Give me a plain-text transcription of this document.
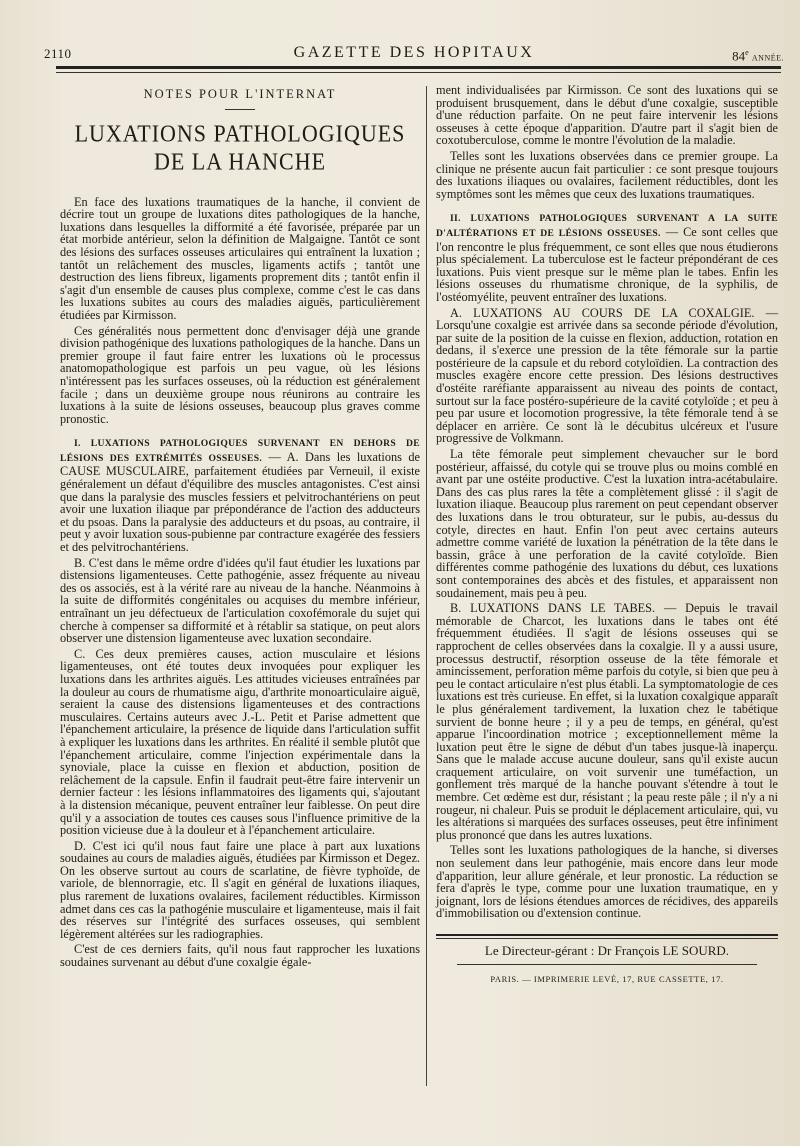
2110	GAZETTE DES HOPITAUX	84e ANNÉE.
NOTES POUR L'INTERNAT
LUXATIONS PATHOLOGIQUES
DE LA HANCHE

En face des luxations traumatiques de la hanche, il convient de décrire tout un groupe de luxations dites pathologiques de la hanche, luxations dans lesquelles la difformité a été favorisée, préparée par un état morbide antérieur, selon la définition de Malgaigne. Tantôt ce sont des lésions des surfaces osseuses articulaires qui entraînent la luxation ; tantôt un relâchement des muscles, ligaments actifs ; tantôt une destruction des liens fibreux, ligaments proprement dits ; tantôt enfin il s'agit d'un ensemble de causes plus complexe, comme c'est le cas dans les luxations subites au cours des maladies aiguës, particulièrement étudiées par Kirmisson.

Ces généralités nous permettent donc d'envisager déjà une grande division pathogénique des luxations pathologiques de la hanche. Dans un premier groupe il faut faire entrer les luxations où le processus anatomopathologique est parfois un peu vague, où les lésions n'intéressent pas les surfaces osseuses, où la réduction est généralement facile ; dans un deuxième groupe nous réunirons au contraire les luxations à la suite de lésions osseuses, beaucoup plus graves comme pronostic.

I. LUXATIONS PATHOLOGIQUES SURVENANT EN DEHORS DE LÉSIONS DES EXTRÉMITÉS OSSEUSES. — A. Dans les luxations de CAUSE MUSCULAIRE, parfaitement étudiées par Verneuil, il existe généralement un défaut d'équilibre des muscles antagonistes. C'est ainsi que dans la paralysie des muscles fessiers et pelvitrochantériens on peut avoir une luxation iliaque par prépondérance de l'action des adducteurs et du psoas. Dans la paralysie des adducteurs et du psoas, au contraire, il peut y avoir luxation sous-pubienne par contracture exagérée des fessiers et des pelvitrochantériens.

B. C'est dans le même ordre d'idées qu'il faut étudier les luxations par distensions ligamenteuses. Cette pathogénie, assez fréquente au niveau des os associés, est à la vérité rare au niveau de la hanche. Néanmoins à la suite de difformités congénitales ou acquises du membre inférieur, entraînant un jeu défectueux de l'articulation coxofémorale du sujet qui cherche à compenser sa difformité et à rétablir sa statique, on peut alors observer une distension ligamenteuse avec luxation secondaire.

C. Ces deux premières causes, action musculaire et lésions ligamenteuses, ont été toutes deux invoquées pour expliquer les luxations dans les arthrites aiguës. Les attitudes vicieuses entraînées par la douleur au cours de rhumatisme aigu, d'arthrite monoarticulaire aiguë, seraient la cause des distensions ligamenteuses et des contractions musculaires. Certains auteurs avec J.-L. Petit et Parise admettent que l'épanchement articulaire, la présence de liquide dans l'articulation suffit à expliquer les luxations dans les arthrites. En réalité il semble plutôt que l'épanchement articulaire, comme l'injection expérimentale dans la synoviale, place la cuisse en flexion et abduction, position de relâchement de la capsule. Enfin il faudrait peut-être faire intervenir un dernier facteur : les lésions inflammatoires des ligaments qui, s'ajoutant à la distension mécanique, peuvent entraîner leur faiblesse. On peut dire qu'il y a association de toutes ces causes sous l'influence primitive de la position vicieuse due à la douleur et à l'épanchement articulaire.

D. C'est ici qu'il nous faut faire une place à part aux luxations soudaines au cours de maladies aiguës, étudiées par Kirmisson et Degez. On les observe surtout au cours de scarlatine, de fièvre typhoïde, de variole, de blennorragie, etc. Il s'agit en général de luxations iliaques, plus rarement de luxations ovalaires, facilement réductibles. Kirmisson admet dans ces cas la pathogénie musculaire et ligamenteuse, mais il fait des réserves sur l'intégrité des surfaces osseuses, qui semblent légèrement altérées sur les radiographies.

C'est de ces derniers faits, qu'il nous faut rapprocher les luxations soudaines survenant au début d'une coxalgie égale-

ment individualisées par Kirmisson. Ce sont des luxations qui se produisent brusquement, dans le début d'une coxalgie, susceptible d'une réduction parfaite. On ne peut faire intervenir les lésions osseuses à cette époque d'apparition. D'autre part il s'agit bien de coxotuberculose, comme le montre l'évolution de la maladie.

Telles sont les luxations observées dans ce premier groupe. La clinique ne présente aucun fait particulier : ce sont presque toujours des luxations iliaques ou ovalaires, facilement réductibles, dont les symptômes sont les mêmes que ceux des luxations traumatiques.

II. LUXATIONS PATHOLOGIQUES SURVENANT A LA SUITE D'ALTÉRATIONS ET DE LÉSIONS OSSEUSES. — Ce sont celles que l'on rencontre le plus fréquemment, ce sont elles que nous étudierons plus spécialement. La tuberculose est le facteur prépondérant de ces luxations. Puis vient presque sur le même plan le tabes. Enfin les lésions osseuses du rhumatisme chronique, de la syphilis, de l'ostéomyélite, peuvent entraîner des luxations.

A. LUXATIONS AU COURS DE LA COXALGIE. — Lorsqu'une coxalgie est arrivée dans sa seconde période d'évolution, par suite de la position de la cuisse en flexion, adduction, rotation en dedans, il s'exerce une pression de la tête fémorale sur la partie postérieure de la capsule et du rebord cotyloïdien. La contraction des muscles exagère encore cette pression. Des lésions destructives d'ostéite raréfiante apparaissent au niveau des points de contact, surtout sur la face postéro-supérieure de la cavité cotyloïde ; et peu à peu par usure et locomotion progressive, la tête fémorale tend à se déplacer en arrière. Ce sont là le décubitus ulcéreux et l'usure progressive de Volkmann.

La tête fémorale peut simplement chevaucher sur le bord postérieur, affaissé, du cotyle qui se trouve plus ou moins comblé en avant par une ostéite productive. C'est la luxation intra-acétabulaire. Dans des cas plus rares la tête a complètement glissé : il s'agit de luxation iliaque. Beaucoup plus rarement on peut cependant observer des luxations dans le trou obturateur, sur le pubis, au-dessus du cotyle, directes en haut. Enfin l'on peut avec certains auteurs admettre comme variété de luxation la pénétration de la tête dans le bassin, grâce à une perforation de la cavité cotyloïde. Bien différentes comme pathogénie des luxations du début, ces luxations sont contemporaines des abcès et des fistules, et apparaissent non soudainement, mais peu à peu.

B. LUXATIONS DANS LE TABES. — Depuis le travail mémorable de Charcot, les luxations dans le tabes ont été fréquemment étudiées. Il s'agit de lésions osseuses qui se rapprochent de celles observées dans la coxalgie. Il y a aussi usure, processus destructif, résorption osseuse de la tête fémorale et amincissement, perforation même parfois du cotyle, si bien que peu à peu le contact articulaire n'est plus établi. La symptomatologie de ces luxations est très curieuse. En effet, si la luxation coxalgique apparaît le plus généralement tardivement, la luxation chez le tabétique survient de bonne heure ; il y a peu de temps, en général, qu'est apparue l'incoordination motrice ; exceptionnellement même la luxation peut être le signe de début d'un tabes jusque-là inaperçu. Sans que le malade accuse aucune douleur, sans qu'il existe aucun craquement articulaire, on voit survenir une tuméfaction, un gonflement très marqué de la hanche pouvant s'étendre à tout le membre. Cet œdème est dur, résistant ; la peau reste pâle ; il n'y a ni rougeur, ni chaleur. Puis se produit le déplacement articulaire, qui, vu les altérations si marquées des surfaces osseuses, peut être infiniment plus prononcé que dans les autres luxations.

Telles sont les luxations pathologiques de la hanche, si diverses non seulement dans leur pathogénie, mais encore dans leur mode d'apparition, leur allure générale, et leur pronostic. La réduction se fera d'après le type, comme pour une luxation traumatique, en y joignant, lors de lésions étendues amorces de récidives, des appareils d'immobilisation ou d'extension continue.

Le Directeur-gérant : Dr François LE SOURD.

PARIS. — IMPRIMERIE LEVÉ, 17, RUE CASSETTE, 17.
